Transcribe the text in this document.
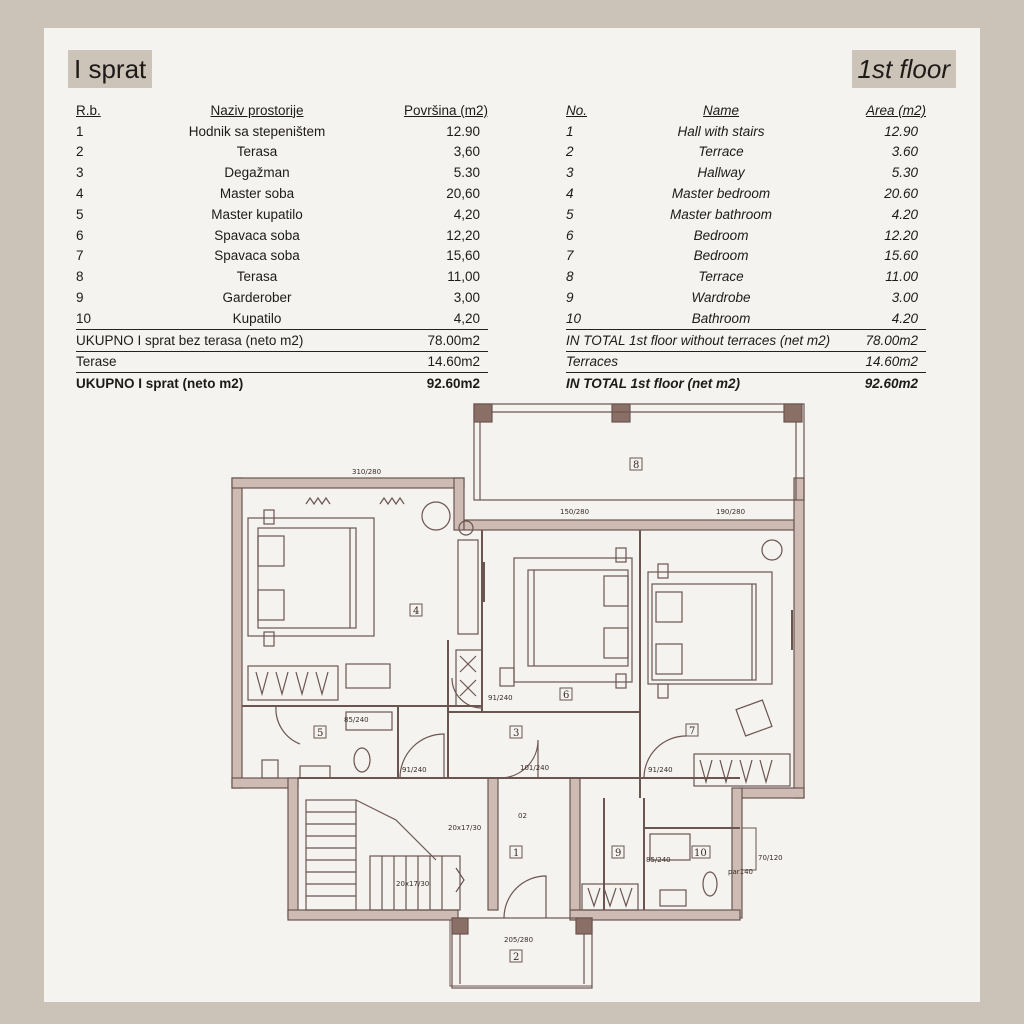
I sprat	1st floor
R.b.	Naziv prostorije	Površina (m2)
1	Hodnik sa stepeništem	12.90
2	Terasa	3,60
3	Degažman	5.30
4	Master soba	20,60
5	Master kupatilo	4,20
6	Spavaca soba	12,20
7	Spavaca soba	15,60
8	Terasa	11,00
9	Garderober	3,00
10	Kupatilo	4,20
UKUPNO I sprat bez terasa (neto m2)		78.00m2
Terase		14.60m2
UKUPNO I sprat (neto m2)		92.60m2
No.	Name	Area (m2)
1	Hall with stairs	12.90
2	Terrace	3.60
3	Hallway	5.30
4	Master bedroom	20.60
5	Master bathroom	4.20
6	Bedroom	12.20
7	Bedroom	15.60
8	Terrace	11.00
9	Wardrobe	3.00
10	Bathroom	4.20
IN TOTAL 1st floor without terraces (net m2)		78.00m2
Terraces		14.60m2
IN TOTAL 1st floor (net m2)		92.60m2
4
6
7
8
5	3
1
2
9	10
20x17/30
20x17/30
02
91/240	91/240
91/240
101/240
85/240
85/240
205/280
310/280
150/280	190/280
70/120
par140
